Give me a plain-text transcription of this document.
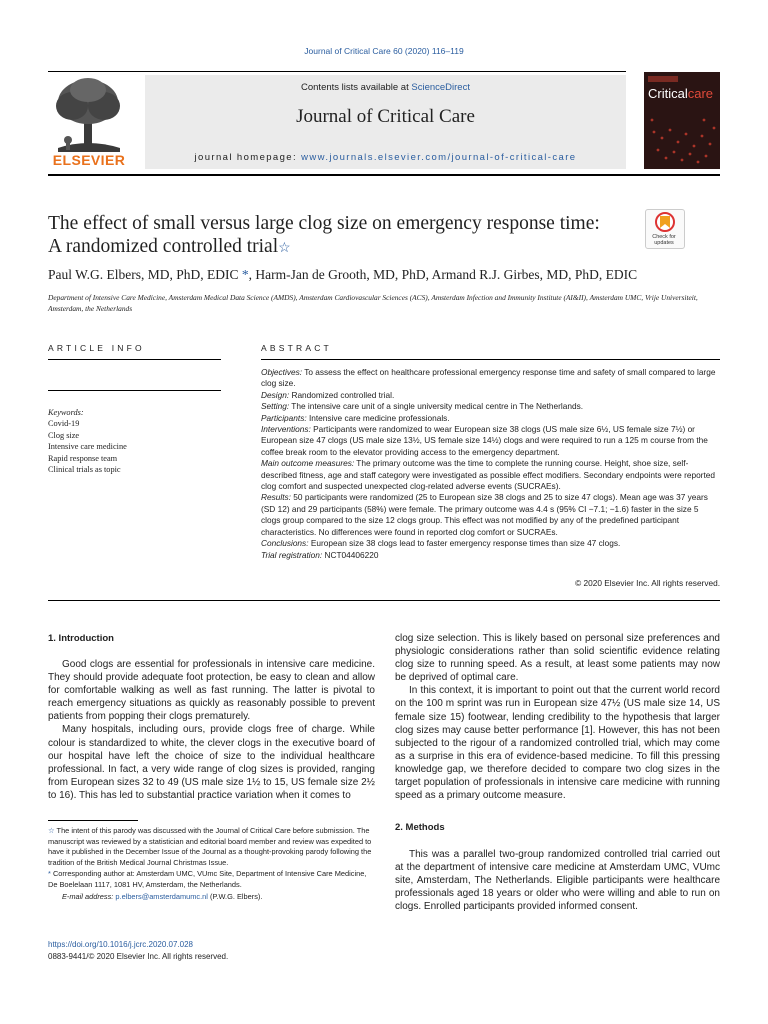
Journal of Critical Care 60 (2020) 116–119
ELSEVIER
Contents lists available at ScienceDirect
Journal of Critical Care
journal homepage: www.journals.elsevier.com/journal-of-critical-care
Criticalcare
The effect of small versus large clog size on emergency response time:
A randomized controlled trial☆
Check for updates
Paul W.G. Elbers, MD, PhD, EDIC *, Harm-Jan de Grooth, MD, PhD, Armand R.J. Girbes, MD, PhD, EDIC
Department of Intensive Care Medicine, Amsterdam Medical Data Science (AMDS), Amsterdam Cardiovascular Sciences (ACS), Amsterdam Infection and Immunity Institute (AI&II), Amsterdam UMC, Vrije Universiteit, Amsterdam, the Netherlands
ARTICLE INFO
Keywords:
Covid-19
Clog size
Intensive care medicine
Rapid response team
Clinical trials as topic
ABSTRACT

Objectives: To assess the effect on healthcare professional emergency response time and safety of small compared to large clog size.

Design: Randomized controlled trial.

Setting: The intensive care unit of a single university medical centre in The Netherlands.

Participants: Intensive care medicine professionals.

Interventions: Participants were randomized to wear European size 38 clogs (US male size 6½, US female size 7½) or European size 47 clogs (US male size 13½, US female size 14½) clogs and were required to run a 125 m course from the coffee break room to the elevator providing access to the emergency department.

Main outcome measures: The primary outcome was the time to complete the running course. Height, shoe size, self-described fitness, age and staff category were investigated as possible effect modifiers. Secondary endpoints were reported clog comfort and suspected unexpected clog-related adverse events (SUCRAEs).

Results: 50 participants were randomized (25 to European size 38 clogs and 25 to size 47 clogs). Mean age was 37 years (SD 12) and 29 participants (58%) were female. The primary outcome was 4.4 s (95% CI −7.1; −1.6) faster in the size 5 clogs group compared to the size 12 clogs group. This effect was not modified by any of the predefined participant characteristics. No differences were found in reported clog comfort or SUCRAEs.

Conclusions: European size 38 clogs lead to faster emergency response times than size 47 clogs.

Trial registration: NCT04406220

© 2020 Elsevier Inc. All rights reserved.
1. Introduction

Good clogs are essential for professionals in intensive care medicine. They should provide adequate foot protection, be easy to clean and allow for comfortable walking as well as fast running. The latter is pivotal to reach emergency situations as quickly as reasonably possible to prevent patients from popping their clogs prematurely.

Many hospitals, including ours, provide clogs free of charge. While colour is standardized to white, the clever clogs in the executive board of our hospital have left the choice of size to the individual healthcare professional. In fact, a very wide range of clog sizes is provided, ranging from European sizes 32 to 49 (US male size 1½ to 15, US female size 2½ to 16). This has led to substantial practice variation when it comes to

☆ The intent of this parody was discussed with the Journal of Critical Care before submission. The manuscript was reviewed by a statistician and editorial board member and review was expedited to have it published in the December Issue of the Journal as a thought-provoking parody following the tradition of the British Medical Journal Christmas Issue.

* Corresponding author at: Amsterdam UMC, VUmc Site, Department of Intensive Care Medicine, De Boelelaan 1117, 1081 HV, Amsterdam, the Netherlands.

E-mail address: p.elbers@amsterdamumc.nl (P.W.G. Elbers).

clog size selection. This is likely based on personal size preferences and physiologic considerations rather than solid scientific evidence relating clog size to running speed. As a result, at least some patients may now be deprived of optimal care.

In this context, it is important to point out that the current world record on the 100 m sprint was run in European size 47½ (US male size 14, US female size 15) footwear, lending credibility to the hypothesis that larger clog sizes may cause better performance [1]. However, this has not been subjected to the rigour of a randomized controlled trial, which may come as a surprise in this era of evidence-based medicine. To fill this pressing knowledge gap, we therefore decided to compare two clog sizes in the target population of professionals in intensive care medicine with running speed as a primary outcome measure.

2. Methods

This was a parallel two-group randomized controlled trial carried out at the department of intensive care medicine at Amsterdam UMC, VUmc site, Amsterdam, The Netherlands. Eligible participants were healthcare professionals aged 18 years or older who were willing and able to run on clogs. Enrolled participants provided informed consent.

https://doi.org/10.1016/j.jcrc.2020.07.028
0883-9441/© 2020 Elsevier Inc. All rights reserved.
